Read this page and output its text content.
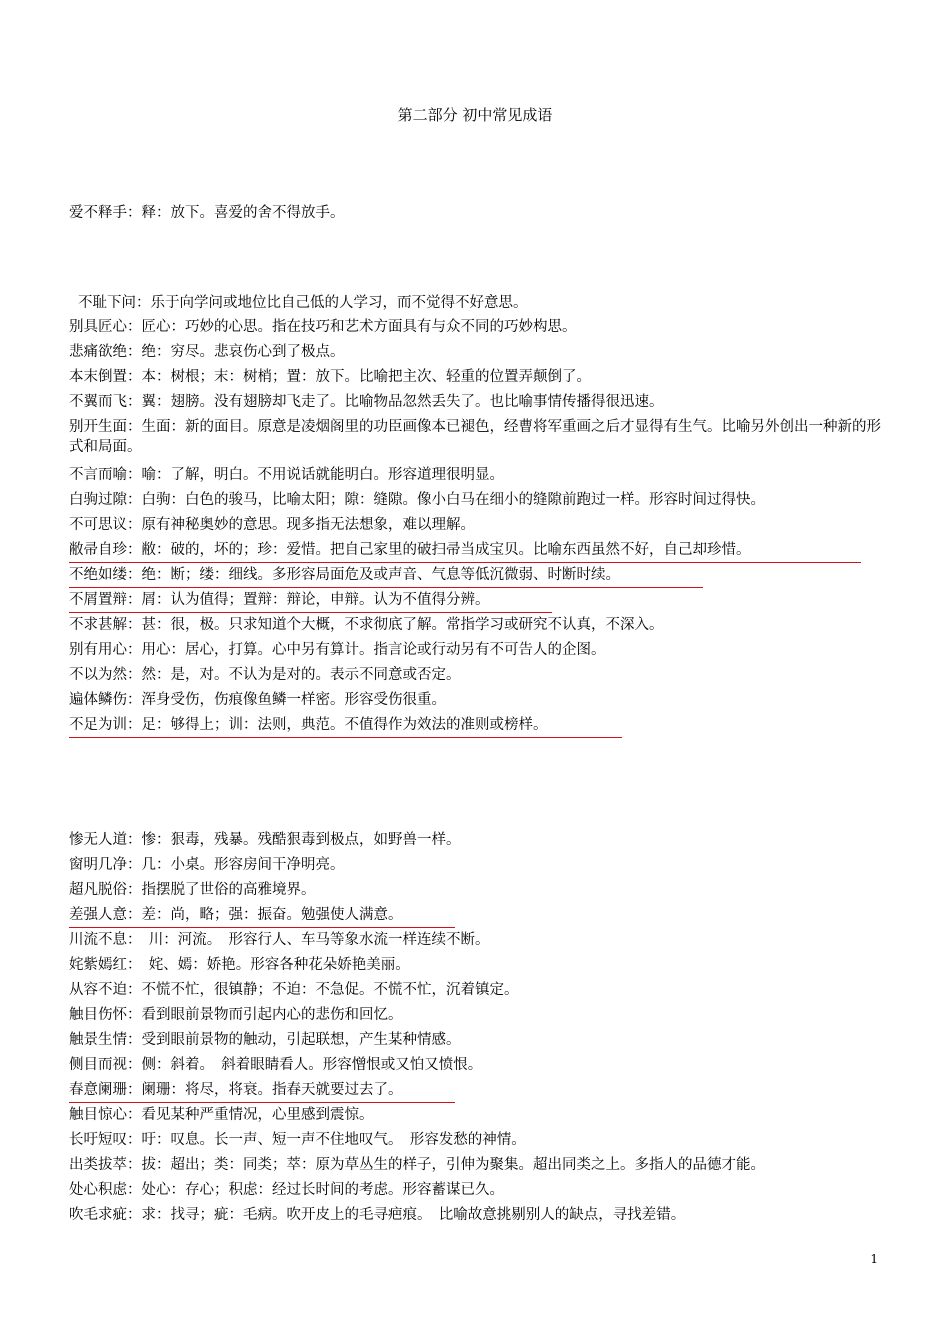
第二部分 初中常见成语
爱不释手：释：放下。喜爱的舍不得放手。
不耻下问：乐于向学问或地位比自己低的人学习，而不觉得不好意思。
别具匠心：匠心：巧妙的心思。指在技巧和艺术方面具有与众不同的巧妙构思。
悲痛欲绝：绝：穷尽。悲哀伤心到了极点。
本末倒置：本：树根；末：树梢；置：放下。比喻把主次、轻重的位置弄颠倒了。
不翼而飞：翼：翅膀。没有翅膀却飞走了。比喻物品忽然丢失了。也比喻事情传播得很迅速。
别开生面：生面：新的面目。原意是凌烟阁里的功臣画像本已褪色，经曹将军重画之后才显得有生气。比喻另外创出一种新的形式和局面。
不言而喻：喻：了解，明白。不用说话就能明白。形容道理很明显。
白驹过隙：白驹：白色的骏马，比喻太阳；隙：缝隙。像小白马在细小的缝隙前跑过一样。形容时间过得快。
不可思议：原有神秘奥妙的意思。现多指无法想象，难以理解。
敝帚自珍：敝：破的，坏的；珍：爱惜。把自己家里的破扫帚当成宝贝。比喻东西虽然不好，自己却珍惜。
不绝如缕：绝：断；缕：细线。多形容局面危及或声音、气息等低沉微弱、时断时续。
不屑置辩：屑：认为值得；置辩：辩论，申辩。认为不值得分辨。
不求甚解：甚：很，极。只求知道个大概，不求彻底了解。常指学习或研究不认真，不深入。
别有用心：用心：居心，打算。心中另有算计。指言论或行动另有不可告人的企图。
不以为然：然：是，对。不认为是对的。表示不同意或否定。
遍体鳞伤：浑身受伤，伤痕像鱼鳞一样密。形容受伤很重。
不足为训：足：够得上；训：法则，典范。不值得作为效法的准则或榜样。
惨无人道：惨：狠毒，残暴。残酷狠毒到极点，如野兽一样。
窗明几净：几：小桌。形容房间干净明亮。
超凡脱俗：指摆脱了世俗的高雅境界。
差强人意：差：尚，略；强：振奋。勉强使人满意。
川流不息：　川：河流。　形容行人、车马等象水流一样连续不断。
姹紫嫣红：　姹、嫣：娇艳。形容各种花朵娇艳美丽。
从容不迫：不慌不忙，很镇静；不迫：不急促。不慌不忙，沉着镇定。
触目伤怀：看到眼前景物而引起内心的悲伤和回忆。
触景生情：受到眼前景物的触动，引起联想，产生某种情感。
侧目而视：侧：斜着。　斜着眼睛看人。形容憎恨或又怕又愤恨。
春意阑珊：阑珊：将尽，将衰。指春天就要过去了。
触目惊心：看见某种严重情况，心里感到震惊。
长吁短叹：吁：叹息。长一声、短一声不住地叹气。　形容发愁的神情。
出类拔萃：拔：超出；类：同类；萃：原为草丛生的样子，引伸为聚集。超出同类之上。多指人的品德才能。
处心积虑：处心：存心；积虑：经过长时间的考虑。形容蓄谋已久。
吹毛求疵：求：找寻；疵：毛病。吹开皮上的毛寻疤痕。　比喻故意挑剔别人的缺点，寻找差错。
1
